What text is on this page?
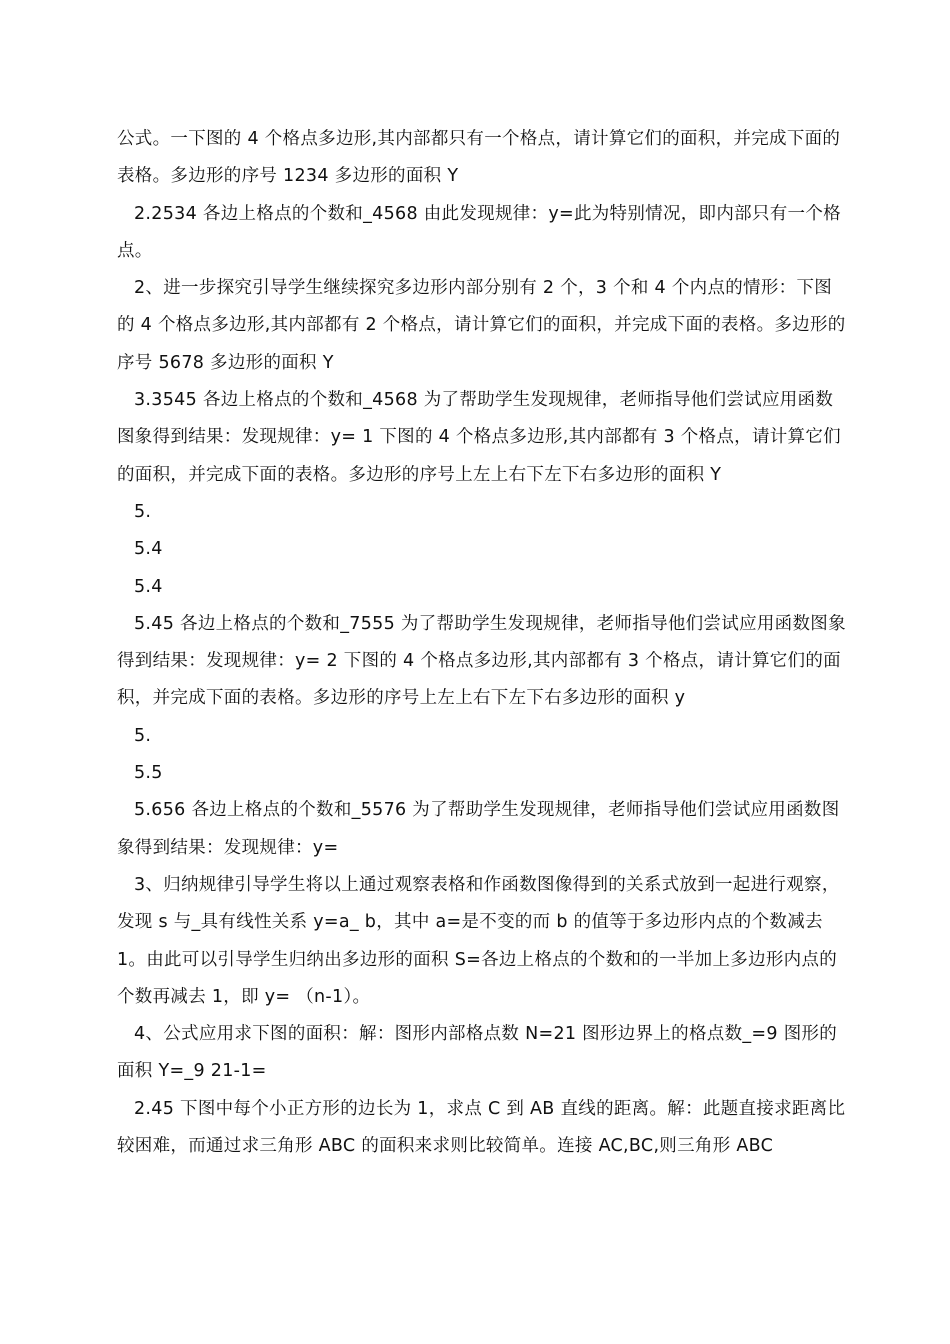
公式。一下图的 4 个格点多边形,其内部都只有一个格点，请计算它们的面积，并完成下面的表格。多边形的序号 1234 多边形的面积 Y

2.2534 各边上格点的个数和_4568 由此发现规律：y=此为特别情况，即内部只有一个格点。

2、进一步探究引导学生继续探究多边形内部分别有 2 个，3 个和 4 个内点的情形：下图的 4 个格点多边形,其内部都有 2 个格点，请计算它们的面积，并完成下面的表格。多边形的序号 5678 多边形的面积 Y

3.3545 各边上格点的个数和_4568 为了帮助学生发现规律，老师指导他们尝试应用函数图象得到结果：发现规律：y= 1 下图的 4 个格点多边形,其内部都有 3 个格点，请计算它们的面积，并完成下面的表格。多边形的序号上左上右下左下右多边形的面积 Y

5.

5.4

5.4

5.45 各边上格点的个数和_7555 为了帮助学生发现规律，老师指导他们尝试应用函数图象得到结果：发现规律：y= 2 下图的 4 个格点多边形,其内部都有 3 个格点，请计算它们的面积，并完成下面的表格。多边形的序号上左上右下左下右多边形的面积 y

5.

5.5

5.656 各边上格点的个数和_5576 为了帮助学生发现规律，老师指导他们尝试应用函数图象得到结果：发现规律：y=

3、归纳规律引导学生将以上通过观察表格和作函数图像得到的关系式放到一起进行观察，发现 s 与_具有线性关系 y=a_ b，其中 a=是不变的而 b 的值等于多边形内点的个数减去 1。由此可以引导学生归纳出多边形的面积 S=各边上格点的个数和的一半加上多边形内点的个数再减去 1，即 y= （n-1）。

4、公式应用求下图的面积：解：图形内部格点数 N=21 图形边界上的格点数_=9 图形的面积 Y=_9 21-1=

2.45 下图中每个小正方形的边长为 1，求点 C 到 AB 直线的距离。解：此题直接求距离比较困难，而通过求三角形 ABC 的面积来求则比较简单。连接 AC,BC,则三角形 ABC
